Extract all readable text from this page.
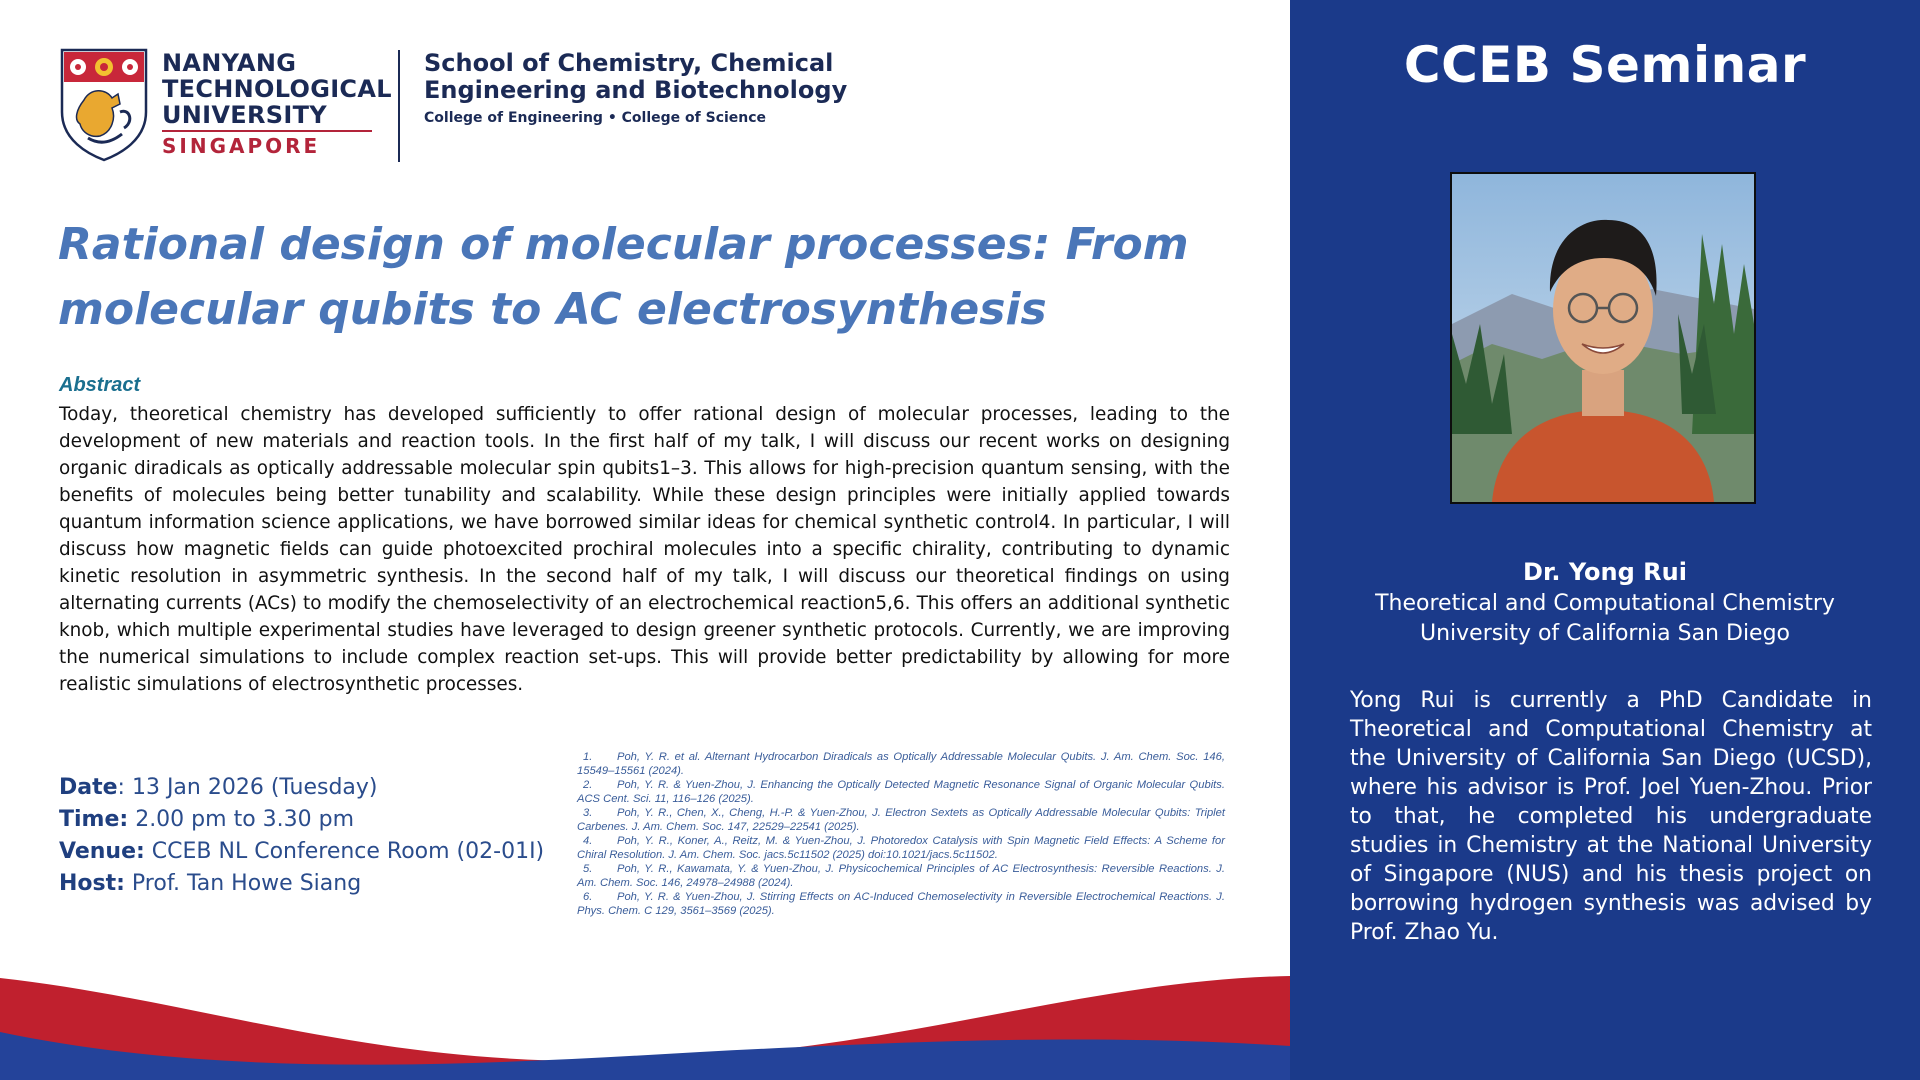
NANYANG
TECHNOLOGICAL
UNIVERSITY
SINGAPORE
School of Chemistry, Chemical
Engineering and Biotechnology
College of Engineering • College of Science
Rational design of molecular processes: From molecular qubits to AC electrosynthesis
Abstract
Today, theoretical chemistry has developed sufficiently to offer rational design of molecular processes, leading to the development of new materials and reaction tools. In the first half of my talk, I will discuss our recent works on designing organic diradicals as optically addressable molecular spin qubits1–3. This allows for high-precision quantum sensing, with the benefits of molecules being better tunability and scalability. While these design principles were initially applied towards quantum information science applications, we have borrowed similar ideas for chemical synthetic control4. In particular, I will discuss how magnetic fields can guide photoexcited prochiral molecules into a specific chirality, contributing to dynamic kinetic resolution in asymmetric synthesis. In the second half of my talk, I will discuss our theoretical findings on using alternating currents (ACs) to modify the chemoselectivity of an electrochemical reaction5,6. This offers an additional synthetic knob, which multiple experimental studies have leveraged to design greener synthetic protocols. Currently, we are improving the numerical simulations to include complex reaction set-ups. This will provide better predictability by allowing for more realistic simulations of electrosynthetic processes.
Date: 13 Jan 2026 (Tuesday)
Time: 2.00 pm to 3.30 pm
Venue: CCEB NL Conference Room (02-01I)
Host: Prof. Tan Howe Siang

1. Poh, Y. R. et al. Alternant Hydrocarbon Diradicals as Optically Addressable Molecular Qubits. J. Am. Chem. Soc. 146, 15549–15561 (2024).

2. Poh, Y. R. & Yuen-Zhou, J. Enhancing the Optically Detected Magnetic Resonance Signal of Organic Molecular Qubits. ACS Cent. Sci. 11, 116–126 (2025).

3. Poh, Y. R., Chen, X., Cheng, H.-P. & Yuen-Zhou, J. Electron Sextets as Optically Addressable Molecular Qubits: Triplet Carbenes. J. Am. Chem. Soc. 147, 22529–22541 (2025).

4. Poh, Y. R., Koner, A., Reitz, M. & Yuen-Zhou, J. Photoredox Catalysis with Spin Magnetic Field Effects: A Scheme for Chiral Resolution. J. Am. Chem. Soc. jacs.5c11502 (2025) doi:10.1021/jacs.5c11502.

5. Poh, Y. R., Kawamata, Y. & Yuen-Zhou, J. Physicochemical Principles of AC Electrosynthesis: Reversible Reactions. J. Am. Chem. Soc. 146, 24978–24988 (2024).

6. Poh, Y. R. & Yuen-Zhou, J. Stirring Effects on AC-Induced Chemoselectivity in Reversible Electrochemical Reactions. J. Phys. Chem. C 129, 3561–3569 (2025).

CCEB Seminar
Dr. Yong Rui
Theoretical and Computational Chemistry
University of California San Diego
Yong Rui is currently a PhD Candidate in Theoretical and Computational Chemistry at the University of California San Diego (UCSD), where his advisor is Prof. Joel Yuen-Zhou. Prior to that, he completed his undergraduate studies in Chemistry at the National University of Singapore (NUS) and his thesis project on borrowing hydrogen synthesis was advised by Prof. Zhao Yu.
